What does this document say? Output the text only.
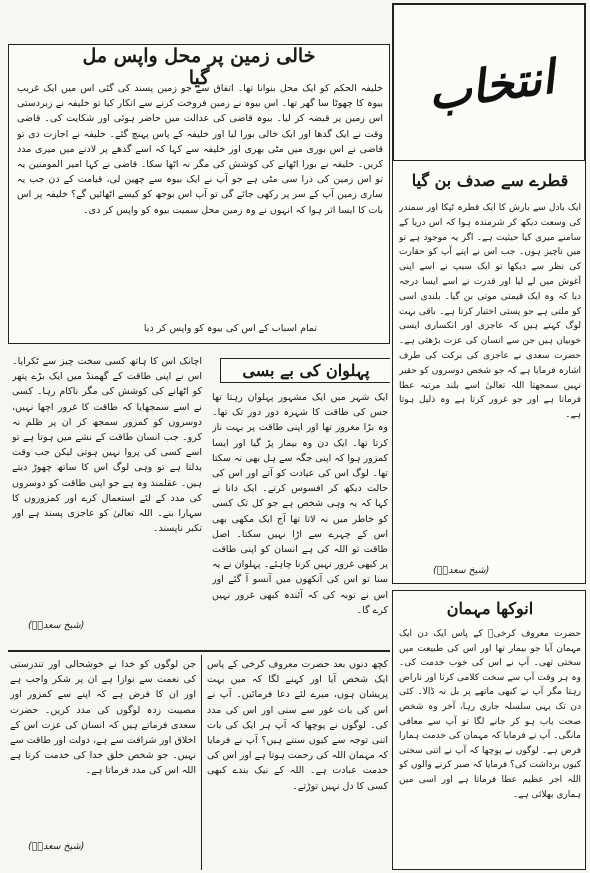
انتخاب
خالی زمین پر محل واپس مل گیا
خلیفہ الحکم کو ایک محل بنوانا تھا۔ اتفاق سے جو زمین پسند کی گئی اس میں ایک غریب بیوہ کا چھوٹا سا گھر تھا۔ اس بیوہ نے زمین فروخت کرنے سے انکار کیا تو خلیفہ نے زبردستی اس زمین پر قبضہ کر لیا۔ بیوہ قاضی کی عدالت میں حاضر ہوئی اور شکایت کی۔ قاضی وقت نے ایک گدھا اور ایک خالی بورا لیا اور خلیفہ کے پاس پہنچ گئے۔ خلیفہ نے اجازت دی تو قاضی نے اس بوری میں مٹی بھری اور خلیفہ سے کہا کہ اسے گدھے پر لادنے میں میری مدد کریں۔ خلیفہ نے بورا اٹھانے کی کوشش کی مگر نہ اٹھا سکا۔ قاضی نے کہا امیر المومنین یہ تو اس زمین کی ذرا سی مٹی ہے جو آپ نے ایک بیوہ سے چھین لی، قیامت کے دن جب یہ ساری زمین آپ کے سر پر رکھی جائے گی تو آپ اس بوجھ کو کیسے اٹھائیں گے؟ خلیفہ پر اس بات کا ایسا اثر ہوا کہ انہوں نے وہ زمین محل سمیت بیوہ کو واپس کر دی۔
تمام اسباب کے اس کی بیوہ کو واپس کر دیا
قطرے سے صدف بن گیا
ایک بادل سے بارش کا ایک قطرہ ٹپکا اور سمندر کی وسعت دیکھ کر شرمندہ ہوا کہ اس دریا کے سامنے میری کیا حیثیت ہے۔ اگر یہ موجود ہے تو میں ناچیز ہوں۔ جب اس نے اپنے آپ کو حقارت کی نظر سے دیکھا تو ایک سیپ نے اسے اپنی آغوش میں لے لیا اور قدرت نے اسے ایسا درجہ دیا کہ وہ ایک قیمتی موتی بن گیا۔ بلندی اسی کو ملتی ہے جو پستی اختیار کرتا ہے۔ باقی بہت لوگ کہتے ہیں کہ عاجزی اور انکساری ایسی خوبیاں ہیں جن سے انسان کی عزت بڑھتی ہے۔ حضرت سعدی نے عاجزی کی برکت کی طرف اشارہ فرمایا ہے کہ جو شخص دوسروں کو حقیر نہیں سمجھتا اللہ تعالیٰ اسے بلند مرتبہ عطا فرماتا ہے اور جو غرور کرتا ہے وہ ذلیل ہوتا ہے۔
(شیخ سعدیؒ)
اچانک اس کا ہاتھ کسی سخت چیز سے ٹکرایا۔ اس نے اپنی طاقت کے گھمنڈ میں ایک بڑے پتھر کو اٹھانے کی کوشش کی مگر ناکام رہا۔ کسی نے اسے سمجھایا کہ طاقت کا غرور اچھا نہیں، دوسروں کو کمزور سمجھ کر ان پر ظلم نہ کرو۔ جب انسان طاقت کے نشے میں ہوتا ہے تو اسے کسی کی پروا نہیں ہوتی لیکن جب وقت بدلتا ہے تو وہی لوگ اس کا ساتھ چھوڑ دیتے ہیں۔ عقلمند وہ ہے جو اپنی طاقت کو دوسروں کی مدد کے لئے استعمال کرے اور کمزوروں کا سہارا بنے۔ اللہ تعالیٰ کو عاجزی پسند ہے اور تکبر ناپسند۔
(شیخ سعدیؒ)
پہلوان کی بے بسی
ایک شہر میں ایک مشہور پہلوان رہتا تھا جس کی طاقت کا شہرہ دور دور تک تھا۔ وہ بڑا مغرور تھا اور اپنی طاقت پر بہت ناز کرتا تھا۔ ایک دن وہ بیمار پڑ گیا اور ایسا کمزور ہوا کہ اپنی جگہ سے ہل بھی نہ سکتا تھا۔ لوگ اس کی عیادت کو آتے اور اس کی حالت دیکھ کر افسوس کرتے۔ ایک دانا نے کہا کہ یہ وہی شخص ہے جو کل تک کسی کو خاطر میں نہ لاتا تھا آج ایک مکھی بھی اس کے چہرے سے اڑا نہیں سکتا۔ اصل طاقت تو اللہ کی ہے انسان کو اپنی طاقت پر کبھی غرور نہیں کرنا چاہئے۔ پہلوان نے یہ سنا تو اس کی آنکھوں میں آنسو آ گئے اور اس نے توبہ کی کہ آئندہ کبھی غرور نہیں کرے گا۔
جن لوگوں کو خدا نے خوشحالی اور تندرستی کی نعمت سے نوازا ہے ان پر شکر واجب ہے اور ان کا فرض ہے کہ اپنے سے کمزور اور مصیبت زدہ لوگوں کی مدد کریں۔ حضرت سعدی فرماتے ہیں کہ انسان کی عزت اس کے اخلاق اور شرافت سے ہے، دولت اور طاقت سے نہیں۔ جو شخص خلق خدا کی خدمت کرتا ہے اللہ اس کی مدد فرماتا ہے۔
(شیخ سعدیؒ)
کچھ دنوں بعد حضرت معروف کرخی کے پاس ایک شخص آیا اور کہنے لگا کہ میں بہت پریشان ہوں، میرے لئے دعا فرمائیں۔ آپ نے اس کی بات غور سے سنی اور اس کی مدد کی۔ لوگوں نے پوچھا کہ آپ ہر ایک کی بات اتنی توجہ سے کیوں سنتے ہیں؟ آپ نے فرمایا کہ مہمان اللہ کی رحمت ہوتا ہے اور اس کی خدمت عبادت ہے۔ اللہ کے نیک بندے کبھی کسی کا دل نہیں توڑتے۔
انوکھا مہمان
حضرت معروف کرخیؒ کے پاس ایک دن ایک مہمان آیا جو بیمار تھا اور اس کی طبیعت میں سختی تھی۔ آپ نے اس کی خوب خدمت کی۔ وہ ہر وقت آپ سے سخت کلامی کرتا اور ناراض رہتا مگر آپ نے کبھی ماتھے پر بل نہ ڈالا۔ کئی دن تک یہی سلسلہ جاری رہا، آخر وہ شخص صحت یاب ہو کر جانے لگا تو آپ سے معافی مانگی۔ آپ نے فرمایا کہ مہمان کی خدمت ہمارا فرض ہے۔ لوگوں نے پوچھا کہ آپ نے اتنی سختی کیوں برداشت کی؟ فرمایا کہ صبر کرنے والوں کو اللہ اجر عظیم عطا فرماتا ہے اور اسی میں ہماری بھلائی ہے۔
